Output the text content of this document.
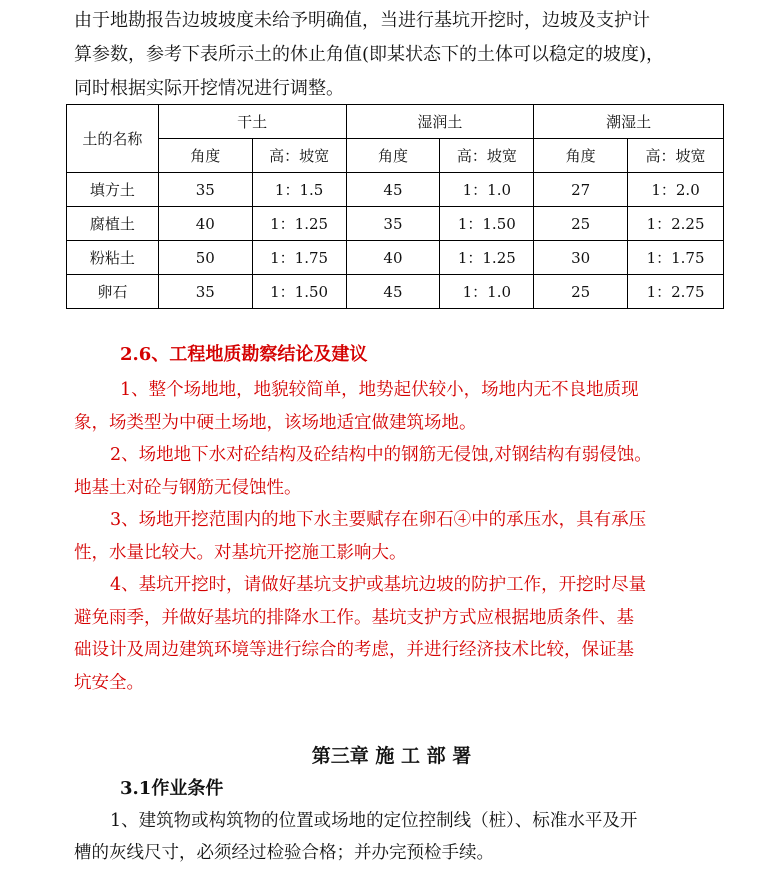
由于地勘报告边坡坡度未给予明确值，当进行基坑开挖时，边坡及支护计

算参数，参考下表所示土的休止角值(即某状态下的土体可以稳定的坡度)，

同时根据实际开挖情况进行调整。

土的名称	干土		湿润土		潮湿土	
	角度	高：坡宽	角度	高：坡宽	角度	高：坡宽
填方土	35	1：1.5	45	1：1.0	27	1：2.0
腐植土	40	1：1.25	35	1：1.50	25	1：2.25
粉粘土	50	1：1.75	40	1：1.25	30	1：1.75
卵石	35	1：1.50	45	1：1.0	25	1：2.75
2.6、工程地质勘察结论及建议

1、整个场地地，地貌较简单，地势起伏较小，场地内无不良地质现

象，场类型为中硬土场地，该场地适宜做建筑场地。

2、场地地下水对砼结构及砼结构中的钢筋无侵蚀,对钢结构有弱侵蚀。

地基土对砼与钢筋无侵蚀性。

3、场地开挖范围内的地下水主要赋存在卵石④中的承压水，具有承压

性，水量比较大。对基坑开挖施工影响大。

4、基坑开挖时，请做好基坑支护或基坑边坡的防护工作，开挖时尽量

避免雨季，并做好基坑的排降水工作。基坑支护方式应根据地质条件、基

础设计及周边建筑环境等进行综合的考虑，并进行经济技术比较，保证基

坑安全。

第三章 施 工 部 署
3.1作业条件

1、建筑物或构筑物的位置或场地的定位控制线（桩）、标准水平及开

槽的灰线尺寸，必须经过检验合格；并办完预检手续。
